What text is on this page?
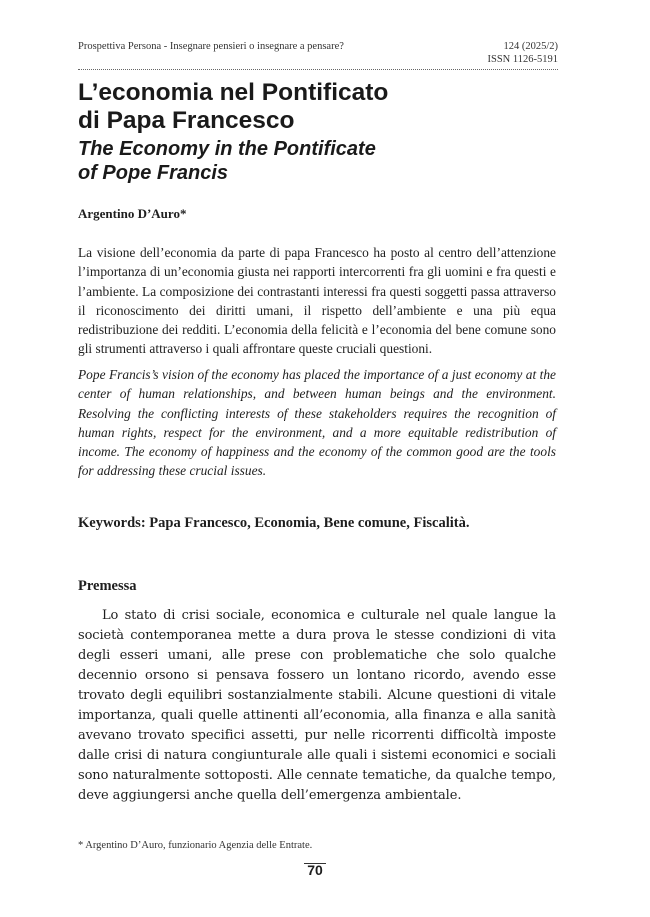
Prospettiva Persona - Insegnare pensieri o insegnare a pensare?	124 (2025/2)
ISSN 1126-5191
L’economia nel Pontificato
di Papa Francesco
The Economy in the Pontificate
of Pope Francis
Argentino D’Auro*

La visione dell’economia da parte di papa Francesco ha posto al centro dell’attenzione l’importanza di un’economia giusta nei rapporti intercorrenti fra gli uomini e fra questi e l’ambiente. La composizione dei contrastanti interessi fra questi soggetti passa attraverso il riconoscimento dei diritti umani, il rispetto dell’ambiente e una più equa redistribuzione dei redditi. L’economia della felicità e l’economia del bene comune sono gli strumenti attraverso i quali affrontare queste cruciali questioni.

Pope Francis’s vision of the economy has placed the importance of a just economy at the center of human relationships, and between human beings and the environment. Resolving the conflicting interests of these stakeholders requires the recognition of human rights, respect for the environment, and a more equitable redistribution of income. The economy of happiness and the economy of the common good are the tools for addressing these crucial issues.

Keywords: Papa Francesco, Economia, Bene comune, Fiscalità.

Premessa

Lo stato di crisi sociale, economica e culturale nel quale langue la società contemporanea mette a dura prova le stesse condizioni di vita degli esseri umani, alle prese con problematiche che solo qualche decennio orsono si pensava fossero un lontano ricordo, avendo esse trovato degli equilibri sostanzialmente stabili. Alcune questioni di vitale importanza, quali quelle attinenti all’economia, alla finanza e alla sanità avevano trovato specifici assetti, pur nelle ricorrenti difficoltà imposte dalle crisi di natura congiunturale alle quali i sistemi economici e sociali sono naturalmente sottoposti. Alle cennate tematiche, da qualche tempo, deve aggiungersi anche quella dell’emergenza ambientale.

* Argentino D’Auro, funzionario Agenzia delle Entrate.

70
